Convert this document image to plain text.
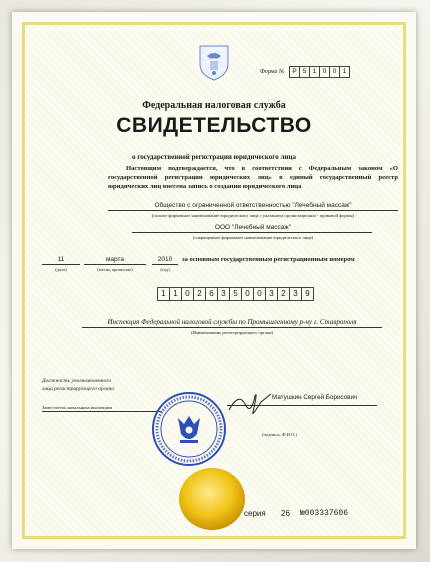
Форма №	Р 5 1 0 0 1
Федеральная налоговая служба
СВИДЕТЕЛЬСТВО
о государственной регистрации юридического лица
Настоящим подтверждается, что в соответствии с Федеральным законом «О государственной регистрации юридических лиц» в единый государственный реестр юридических лиц внесена запись о создании юридического лица
Общество с ограниченной ответственностью "Лечебный массаж"
(полное фирменное наименование юридического лица с указанием организационно - правовой формы)
ООО "Лечебный массаж"
(сокращенное фирменное наименование юридического лица)
11
(дата)
марта
(месяц прописью)
2010
(год)
за основным государственным регистрационным номером
1 1 0 2 6 3 5 0 0 3 2 3 9
Инспекция Федеральной налоговой службы по Промышленному р-ну г. Ставрополя
(Наименование регистрирующего органа)
Должность уполномоченного
лица регистрирующего органа
Заместитель начальника инспекции
Матушкин Сергей Борисович
(подпись, Ф.И.О.)
серия 26 №003337606
